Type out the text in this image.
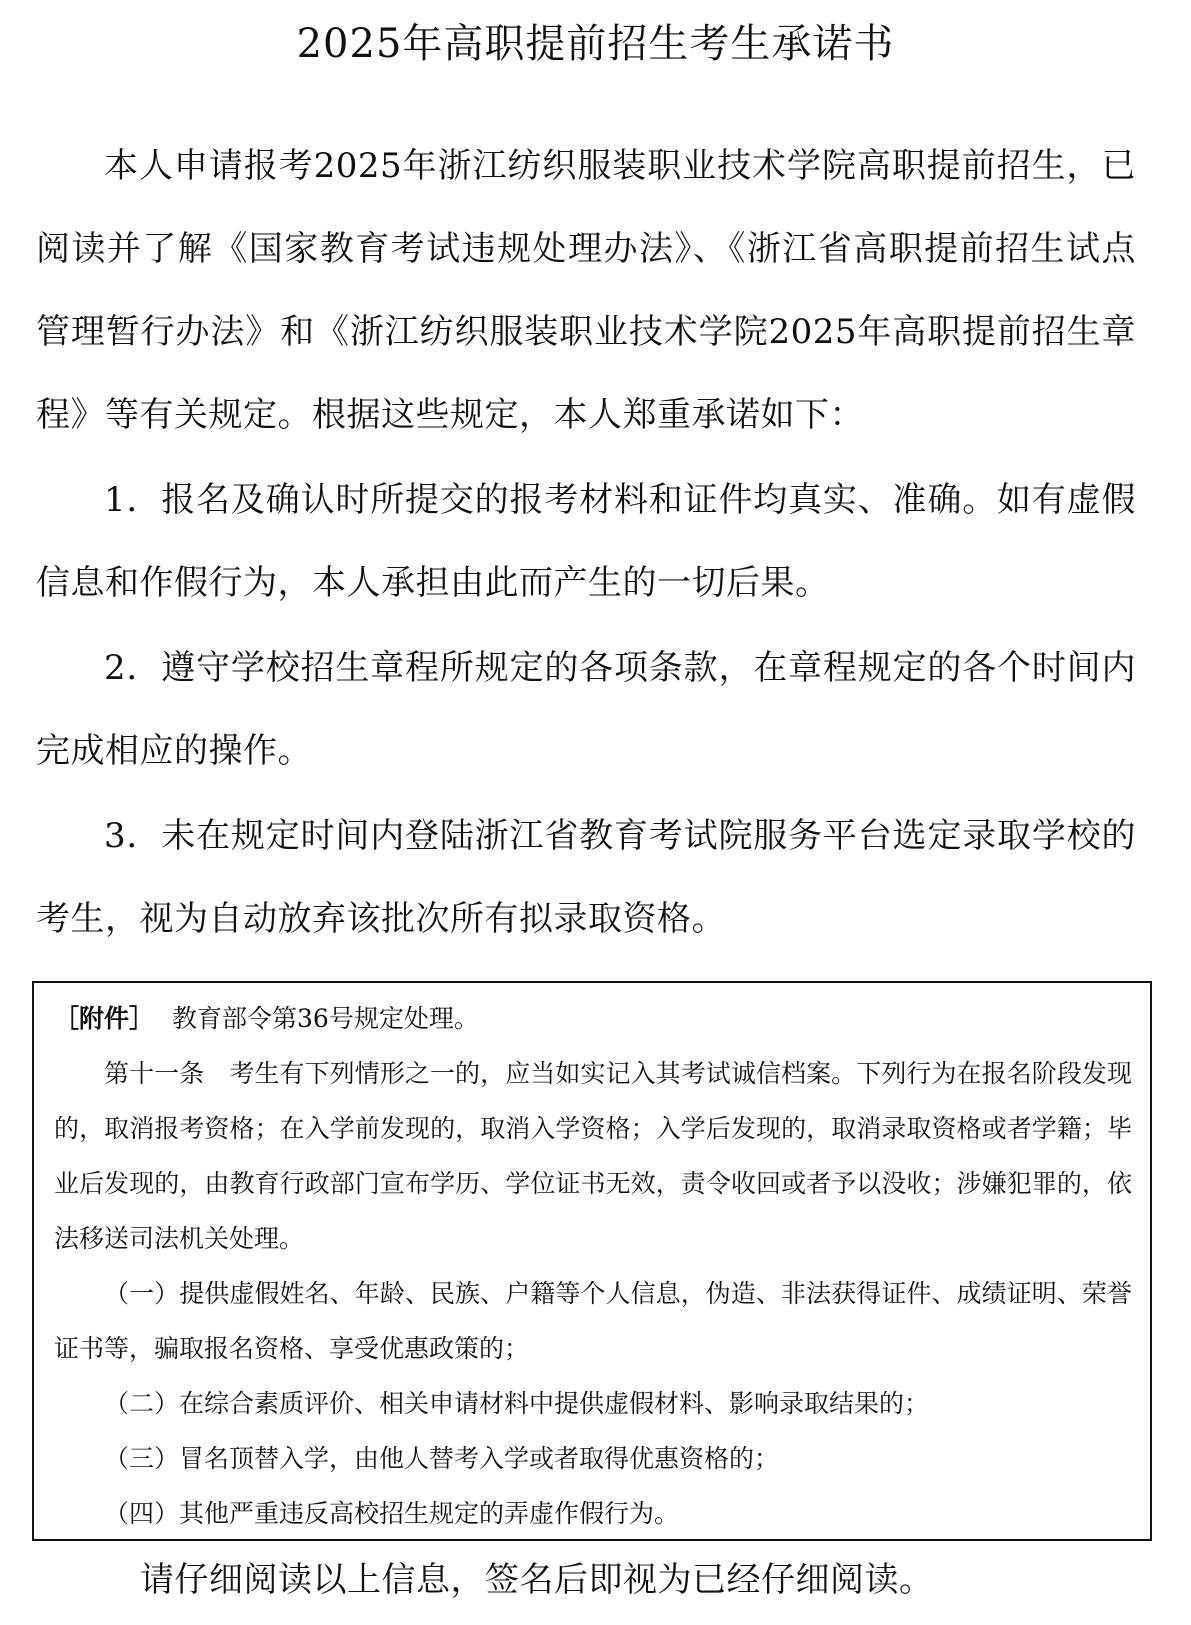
2025年高职提前招生考生承诺书

本人申请报考2025年浙江纺织服装职业技术学院高职提前招生，已阅读并了解《国家教育考试违规处理办法》、《浙江省高职提前招生试点管理暂行办法》和《浙江纺织服装职业技术学院2025年高职提前招生章程》等有关规定。根据这些规定，本人郑重承诺如下：

1．报名及确认时所提交的报考材料和证件均真实、准确。如有虚假信息和作假行为，本人承担由此而产生的一切后果。

2．遵守学校招生章程所规定的各项条款，在章程规定的各个时间内完成相应的操作。

3．未在规定时间内登陆浙江省教育考试院服务平台选定录取学校的考生，视为自动放弃该批次所有拟录取资格。

［附件］ 教育部令第36号规定处理。

第十一条　考生有下列情形之一的，应当如实记入其考试诚信档案。下列行为在报名阶段发现的，取消报考资格；在入学前发现的，取消入学资格；入学后发现的，取消录取资格或者学籍；毕业后发现的，由教育行政部门宣布学历、学位证书无效，责令收回或者予以没收；涉嫌犯罪的，依法移送司法机关处理。

（一）提供虚假姓名、年龄、民族、户籍等个人信息，伪造、非法获得证件、成绩证明、荣誉证书等，骗取报名资格、享受优惠政策的；

（二）在综合素质评价、相关申请材料中提供虚假材料、影响录取结果的；

（三）冒名顶替入学，由他人替考入学或者取得优惠资格的；

（四）其他严重违反高校招生规定的弄虚作假行为。

请仔细阅读以上信息，签名后即视为已经仔细阅读。
